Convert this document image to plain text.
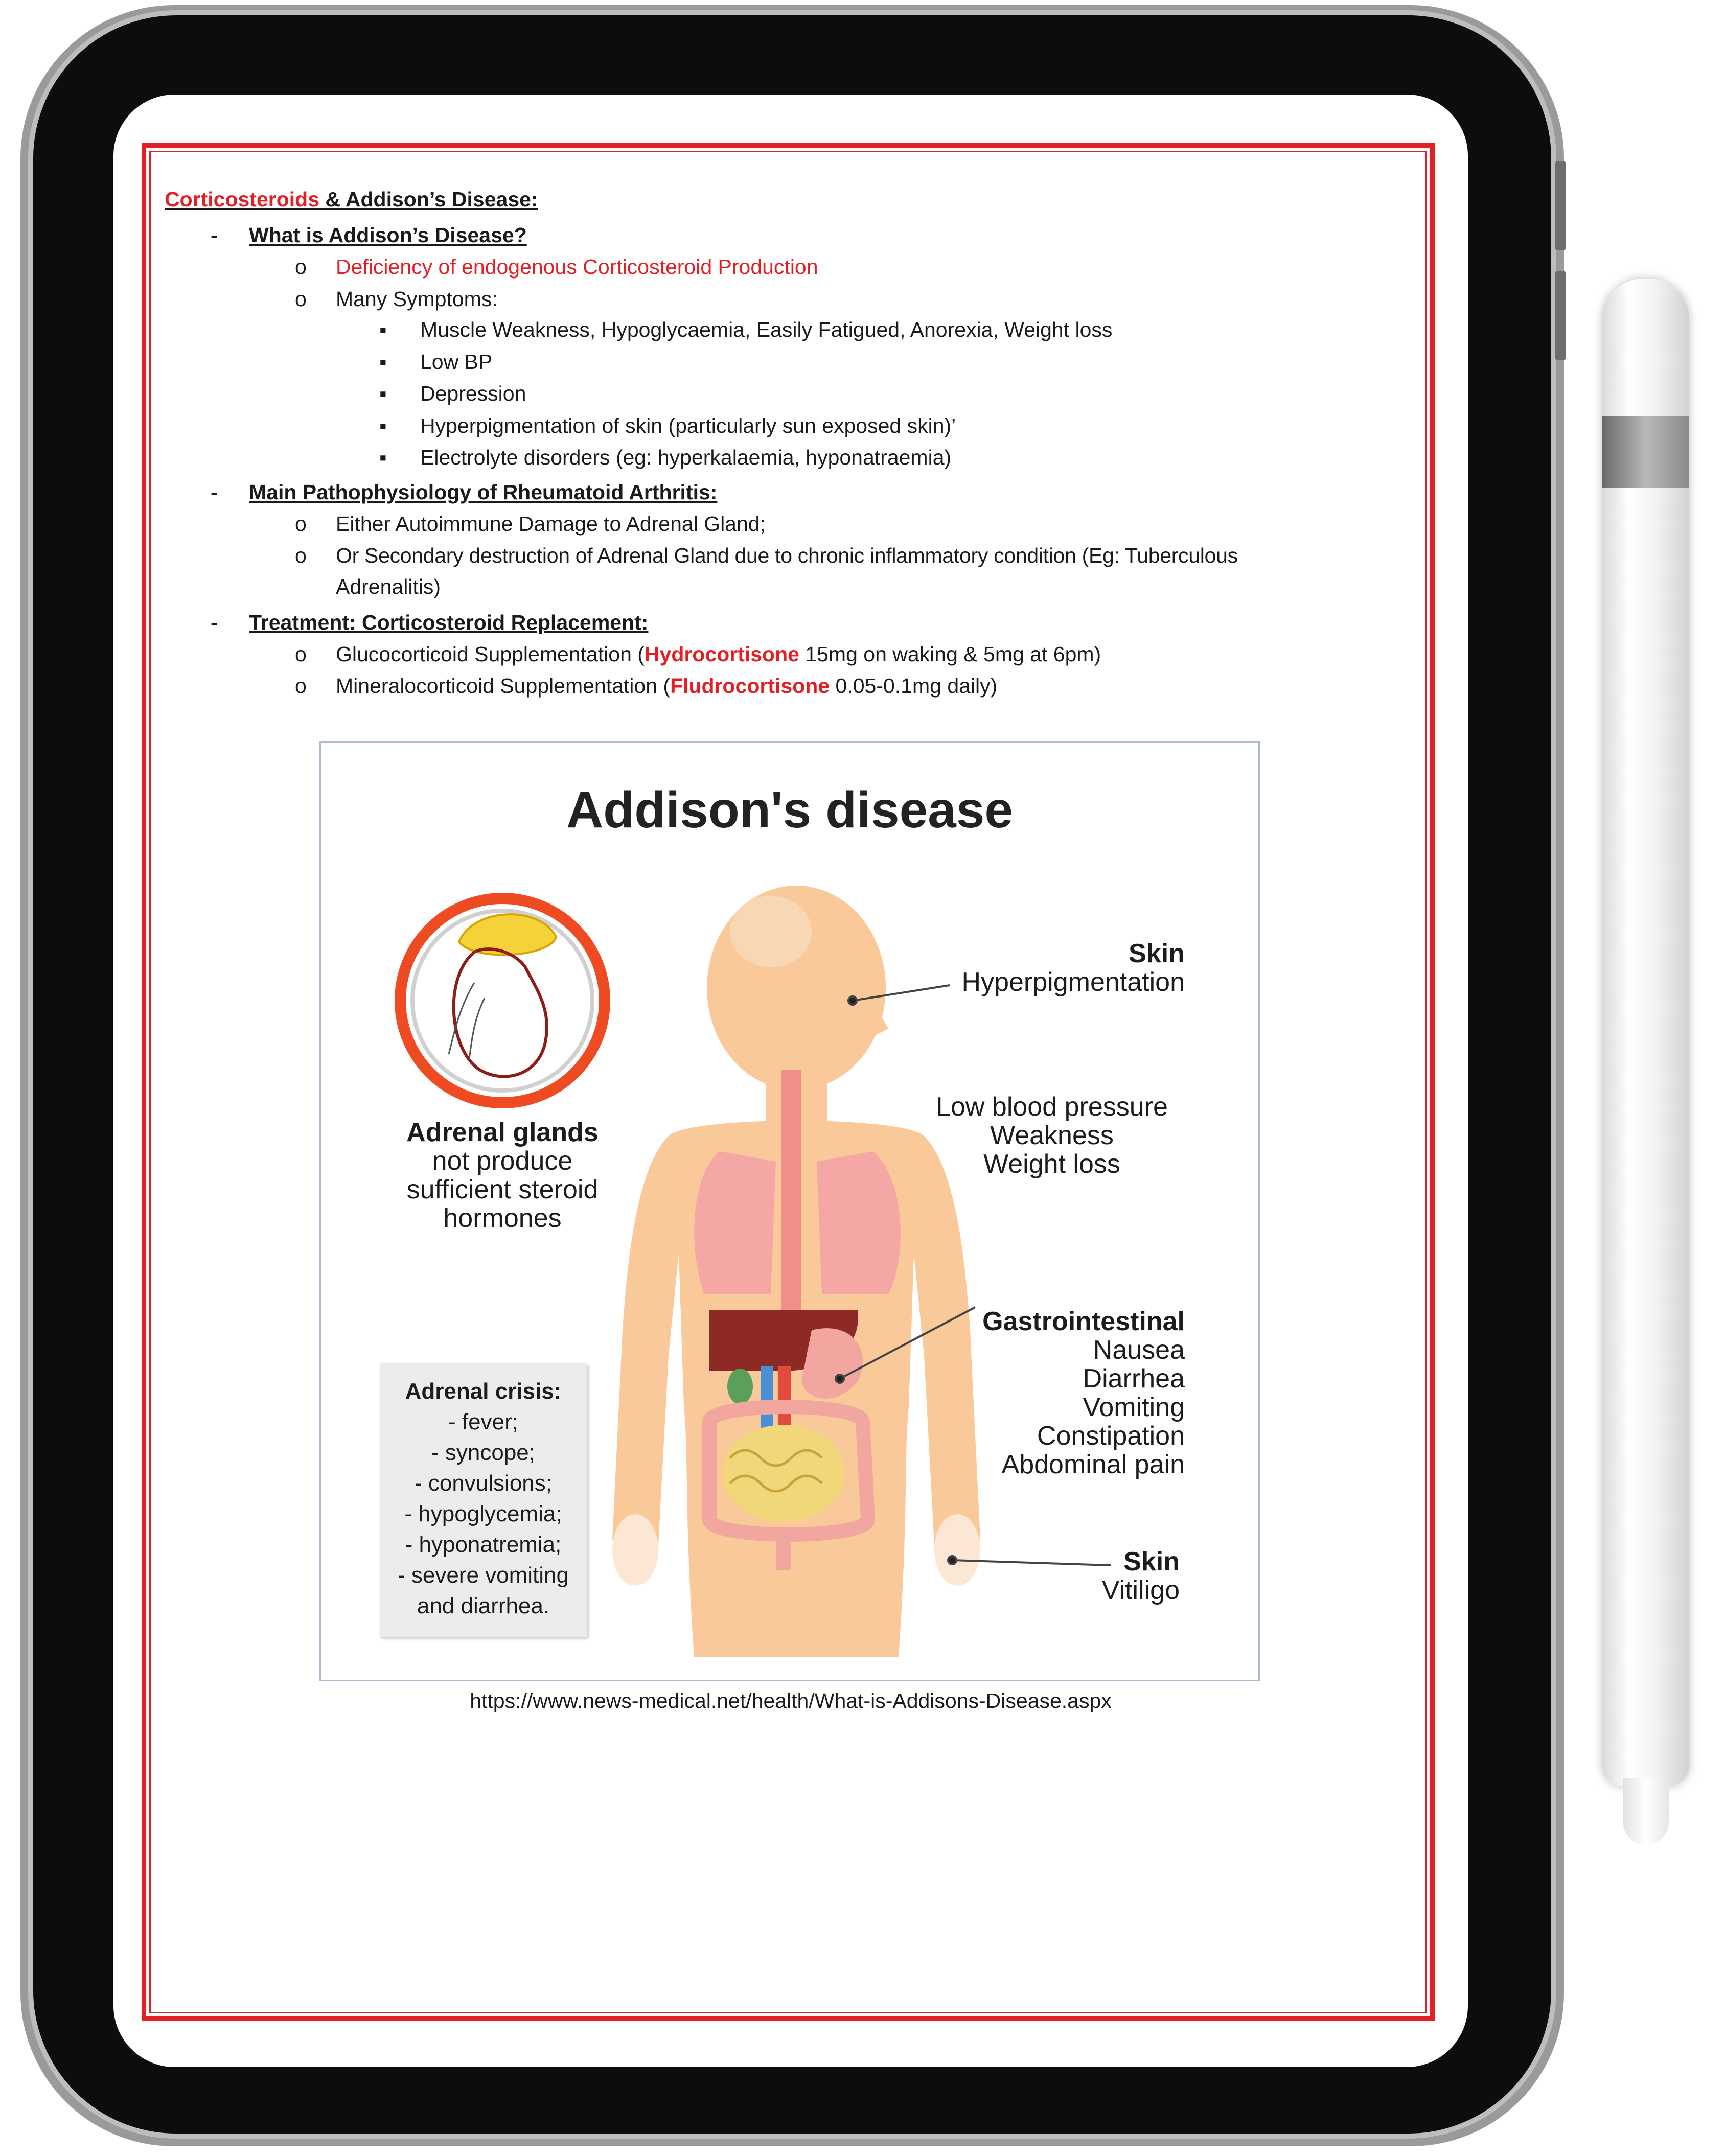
Corticosteroids & Addison’s Disease:
- What is Addison’s Disease?
o Deficiency of endogenous Corticosteroid Production
o Many Symptoms:
▪ Muscle Weakness, Hypoglycaemia, Easily Fatigued, Anorexia, Weight loss
▪ Low BP
▪ Depression
▪ Hyperpigmentation of skin (particularly sun exposed skin)’
▪ Electrolyte disorders (eg: hyperkalaemia, hyponatraemia)
- Main Pathophysiology of Rheumatoid Arthritis:
o Either Autoimmune Damage to Adrenal Gland;
o Or Secondary destruction of Adrenal Gland due to chronic inflammatory condition (Eg: Tuberculous
Adrenalitis)
- Treatment: Corticosteroid Replacement:
o Glucocorticoid Supplementation (Hydrocortisone 15mg on waking & 5mg at 6pm)
o Mineralocorticoid Supplementation (Fludrocortisone 0.05-0.1mg daily)
Addison's disease
Adrenal glands
not produce
sufficient steroid
hormones
Skin
Hyperpigmentation
Low blood pressure
Weakness
Weight loss
Gastrointestinal
Nausea
Diarrhea
Vomiting
Constipation
Abdominal pain
Skin
Vitiligo
Adrenal crisis:
- fever;
- syncope;
- convulsions;
- hypoglycemia;
- hyponatremia;
- severe vomiting
and diarrhea.
https://www.news-medical.net/health/What-is-Addisons-Disease.aspx
